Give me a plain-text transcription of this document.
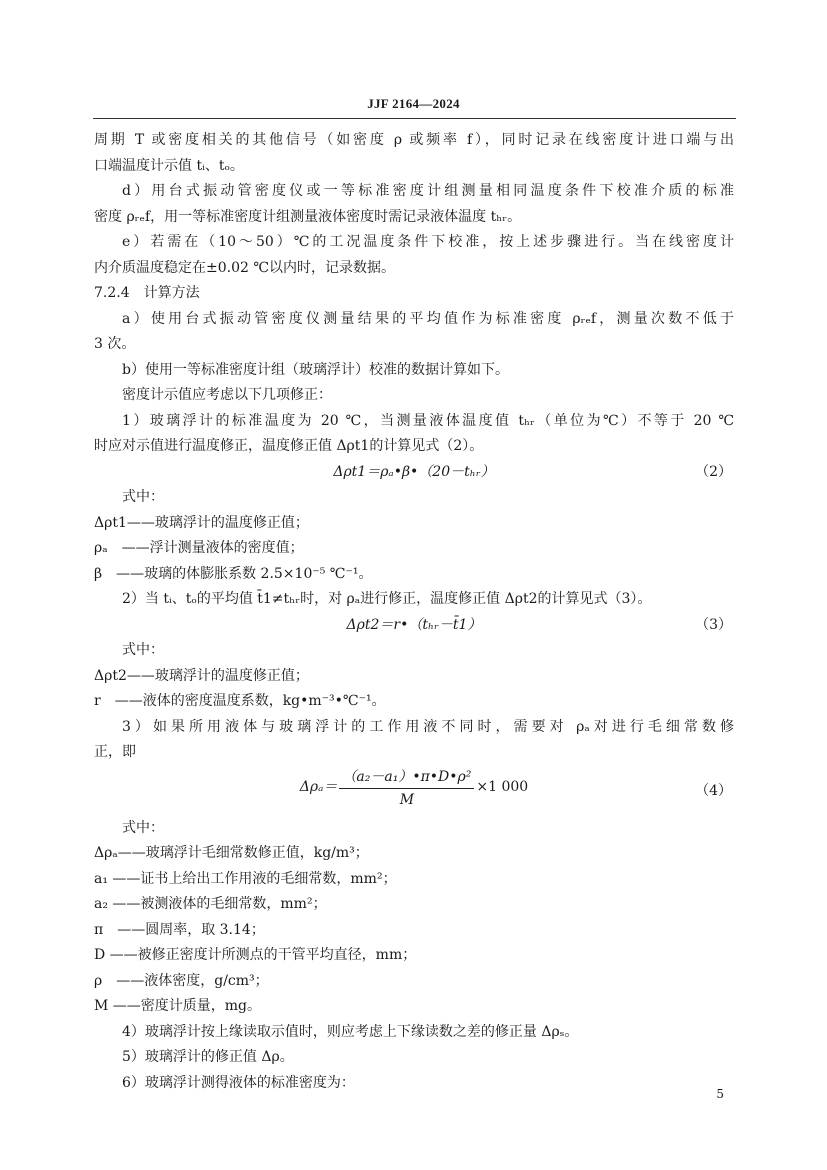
JJF 2164—2024

周期 T 或密度相关的其他信号（如密度 ρ 或频率 f），同时记录在线密度计进口端与出

口端温度计示值 tᵢ、tₒ。

d）用台式振动管密度仪或一等标准密度计组测量相同温度条件下校准介质的标准

密度 ρᵣₑf，用一等标准密度计组测量液体密度时需记录液体温度 tₕᵣ。

e）若需在（10～50）℃的工况温度条件下校准，按上述步骤进行。当在线密度计

内介质温度稳定在±0.02 ℃以内时，记录数据。

7.2.4　计算方法

a）使用台式振动管密度仪测量结果的平均值作为标准密度 ρᵣₑf，测量次数不低于

3 次。

b）使用一等标准密度计组（玻璃浮计）校准的数据计算如下。

密度计示值应考虑以下几项修正：

1）玻璃浮计的标准温度为 20 ℃，当测量液体温度值 tₕᵣ（单位为℃）不等于 20 ℃

时应对示值进行温度修正，温度修正值 Δρt1的计算见式（2）。

Δρt1＝ρₐ•β•（20－tₕᵣ）	（2）

式中：

Δρt1——玻璃浮计的温度修正值；

ρₐ　——浮计测量液体的密度值；

β　——玻璃的体膨胀系数 2.5×10⁻⁵ ℃⁻¹。

2）当 tᵢ、tₒ的平均值 t̄1≠tₕᵣ时，对 ρₐ进行修正，温度修正值 Δρt2的计算见式（3）。

Δρt2＝r•（tₕᵣ－t̄1）	（3）

式中：

Δρt2——玻璃浮计的温度修正值；

r　——液体的密度温度系数，kg•m⁻³•℃⁻¹。

3）如果所用液体与玻璃浮计的工作用液不同时，需要对 ρₐ对进行毛细常数修

正，即

$\Delta\rho_a= \frac{\text{（a₂－a₁）•π•D•ρ²}}{M} \times 1$ 000	（4）

式中：

Δρₐ——玻璃浮计毛细常数修正值，kg/m³；

a₁ ——证书上给出工作用液的毛细常数，mm²；

a₂ ——被测液体的毛细常数，mm²；

π　——圆周率，取 3.14；

D ——被修正密度计所测点的干管平均直径，mm；

ρ　——液体密度，g/cm³；

M ——密度计质量，mg。

4）玻璃浮计按上缘读取示值时，则应考虑上下缘读数之差的修正量 Δρₛ。

5）玻璃浮计的修正值 Δρ。

6）玻璃浮计测得液体的标准密度为：

5
